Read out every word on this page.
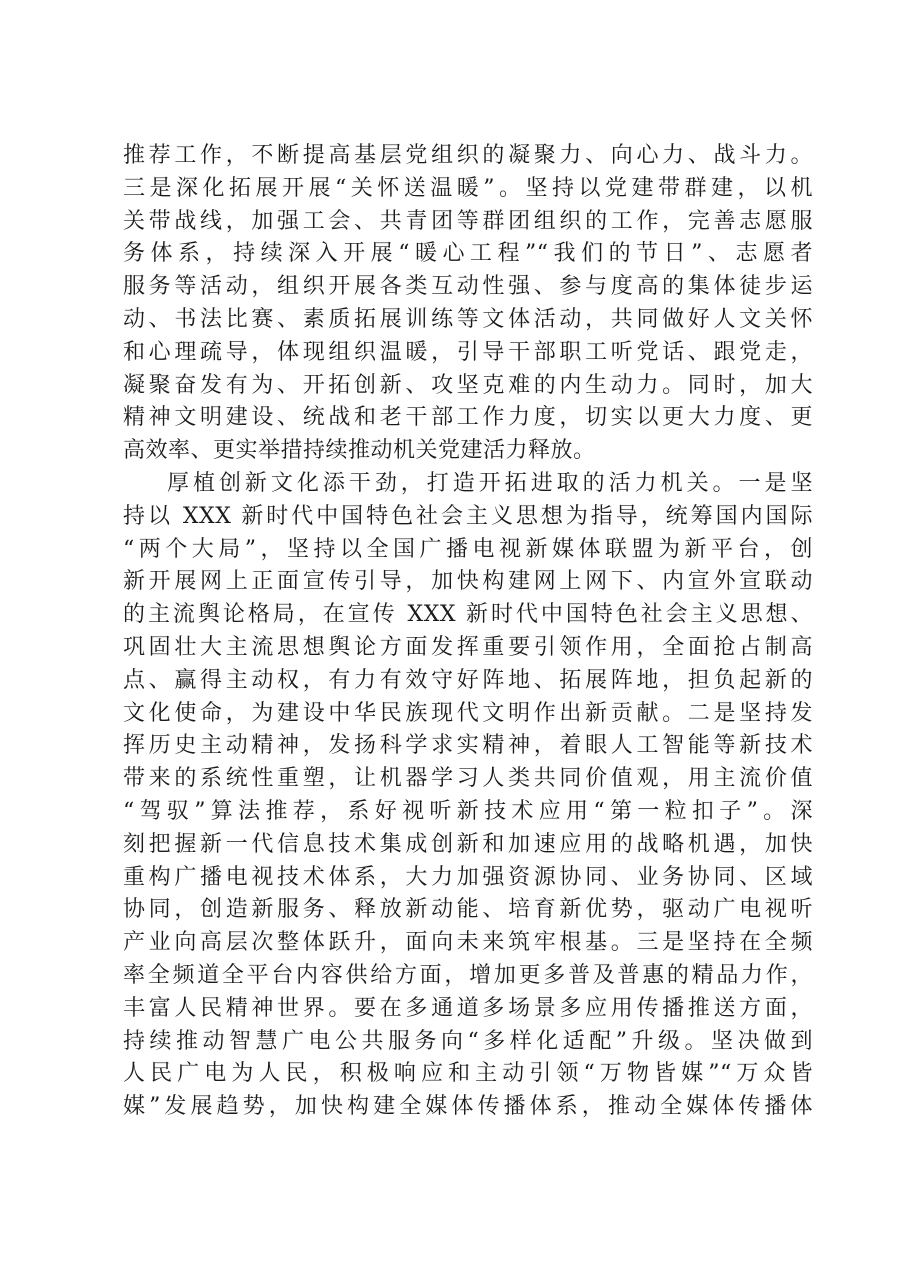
推荐工作，不断提高基层党组织的凝聚力、向心力、战斗力。
三是深化拓展开展“关怀送温暖”。坚持以党建带群建，以机
关带战线，加强工会、共青团等群团组织的工作，完善志愿服
务体系，持续深入开展“暖心工程”“我们的节日”、志愿者
服务等活动，组织开展各类互动性强、参与度高的集体徒步运
动、书法比赛、素质拓展训练等文体活动，共同做好人文关怀
和心理疏导，体现组织温暖，引导干部职工听党话、跟党走，
凝聚奋发有为、开拓创新、攻坚克难的内生动力。同时，加大
精神文明建设、统战和老干部工作力度，切实以更大力度、更
高效率、更实举措持续推动机关党建活力释放。
厚植创新文化添干劲，打造开拓进取的活力机关。一是坚
持以 XXX 新时代中国特色社会主义思想为指导，统筹国内国际
“两个大局”，坚持以全国广播电视新媒体联盟为新平台，创
新开展网上正面宣传引导，加快构建网上网下、内宣外宣联动
的主流舆论格局，在宣传 XXX 新时代中国特色社会主义思想、
巩固壮大主流思想舆论方面发挥重要引领作用，全面抢占制高
点、赢得主动权，有力有效守好阵地、拓展阵地，担负起新的
文化使命，为建设中华民族现代文明作出新贡献。二是坚持发
挥历史主动精神，发扬科学求实精神，着眼人工智能等新技术
带来的系统性重塑，让机器学习人类共同价值观，用主流价值
“驾驭”算法推荐，系好视听新技术应用“第一粒扣子”。深
刻把握新一代信息技术集成创新和加速应用的战略机遇，加快
重构广播电视技术体系，大力加强资源协同、业务协同、区域
协同，创造新服务、释放新动能、培育新优势，驱动广电视听
产业向高层次整体跃升，面向未来筑牢根基。三是坚持在全频
率全频道全平台内容供给方面，增加更多普及普惠的精品力作，
丰富人民精神世界。要在多通道多场景多应用传播推送方面，
持续推动智慧广电公共服务向“多样化适配”升级。坚决做到
人民广电为人民，积极响应和主动引领“万物皆媒”“万众皆
媒”发展趋势，加快构建全媒体传播体系，推动全媒体传播体
